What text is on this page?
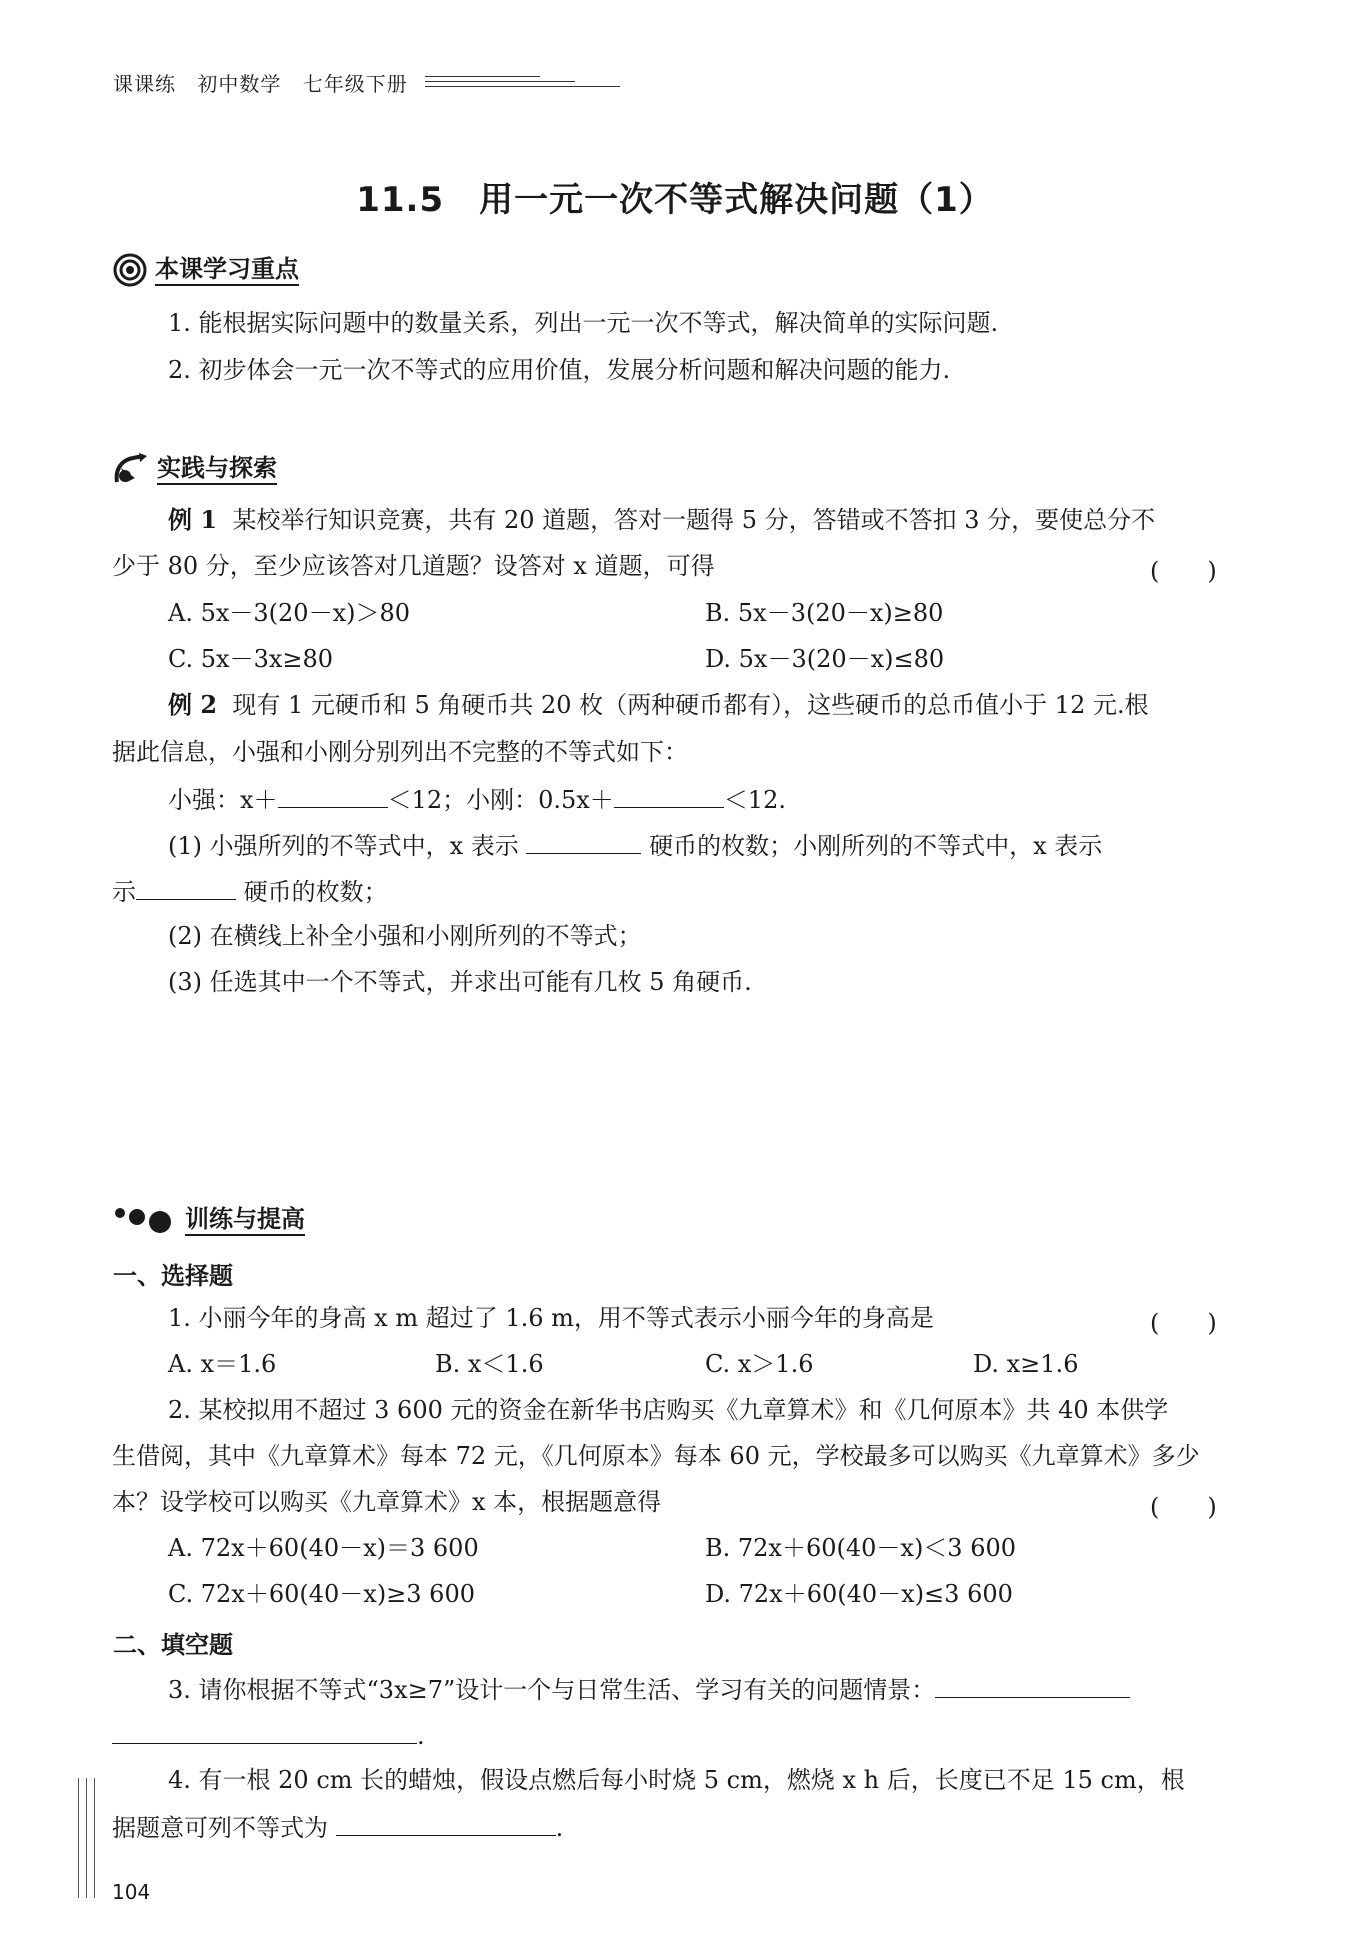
课课练 初中数学 七年级下册
11.5　用一元一次不等式解决问题（1）
本课学习重点
1. 能根据实际问题中的数量关系，列出一元一次不等式，解决简单的实际问题.
2. 初步体会一元一次不等式的应用价值，发展分析问题和解决问题的能力.
实践与探索
例 1 某校举行知识竞赛，共有 20 道题，答对一题得 5 分，答错或不答扣 3 分，要使总分不
少于 80 分，至少应该答对几道题？设答对 x 道题，可得	(　　)
A. 5x－3(20－x)＞80	B. 5x－3(20－x)≥80
C. 5x－3x≥80	D. 5x－3(20－x)≤80
例 2 现有 1 元硬币和 5 角硬币共 20 枚（两种硬币都有），这些硬币的总币值小于 12 元.根
据此信息，小强和小刚分别列出不完整的不等式如下：
小强：x＋	＜12；小刚：0.5x＋	＜12.
(1) 小强所列的不等式中，x 表示	硬币的枚数；小刚所列的不等式中，x 表示
示	硬币的枚数；
(2) 在横线上补全小强和小刚所列的不等式；
(3) 任选其中一个不等式，并求出可能有几枚 5 角硬币.
训练与提高
一、选择题
1. 小丽今年的身高 x m 超过了 1.6 m，用不等式表示小丽今年的身高是	(　　)
A. x＝1.6	B. x＜1.6	C. x＞1.6	D. x≥1.6
2. 某校拟用不超过 3 600 元的资金在新华书店购买《九章算术》和《几何原本》共 40 本供学
生借阅，其中《九章算术》每本 72 元，《几何原本》每本 60 元，学校最多可以购买《九章算术》多少
本？设学校可以购买《九章算术》x 本，根据题意得	(　　)
A. 72x＋60(40－x)＝3 600	B. 72x＋60(40－x)＜3 600
C. 72x＋60(40－x)≥3 600	D. 72x＋60(40－x)≤3 600
二、填空题
3. 请你根据不等式“3x≥7”设计一个与日常生活、学习有关的问题情景：
.
4. 有一根 20 cm 长的蜡烛，假设点燃后每小时烧 5 cm，燃烧 x h 后，长度已不足 15 cm，根
据题意可列不等式为	.
104
